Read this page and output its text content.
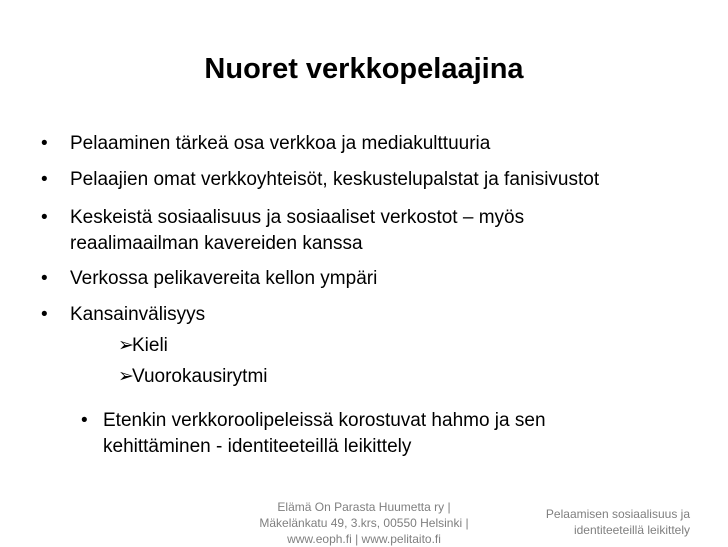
Nuoret verkkopelaajina
• Pelaaminen tärkeä osa verkkoa ja mediakulttuuria
• Pelaajien omat verkkoyhteisöt, keskustelupalstat ja fanisivustot
• Keskeistä sosiaalisuus ja sosiaaliset verkostot – myös reaalimaailman kavereiden kanssa
• Verkossa pelikavereita kellon ympäri
• Kansainvälisyys
➢Kieli
➢Vuorokausirytmi
• Etenkin verkkoroolipeleissä korostuvat hahmo ja sen kehittäminen - identiteeteillä leikittely
Elämä On Parasta Huumetta ry |
Mäkelänkatu 49, 3.krs, 00550 Helsinki |
www.eoph.fi | www.pelitaito.fi
Pelaamisen sosiaalisuus ja
identiteeteillä leikittely
